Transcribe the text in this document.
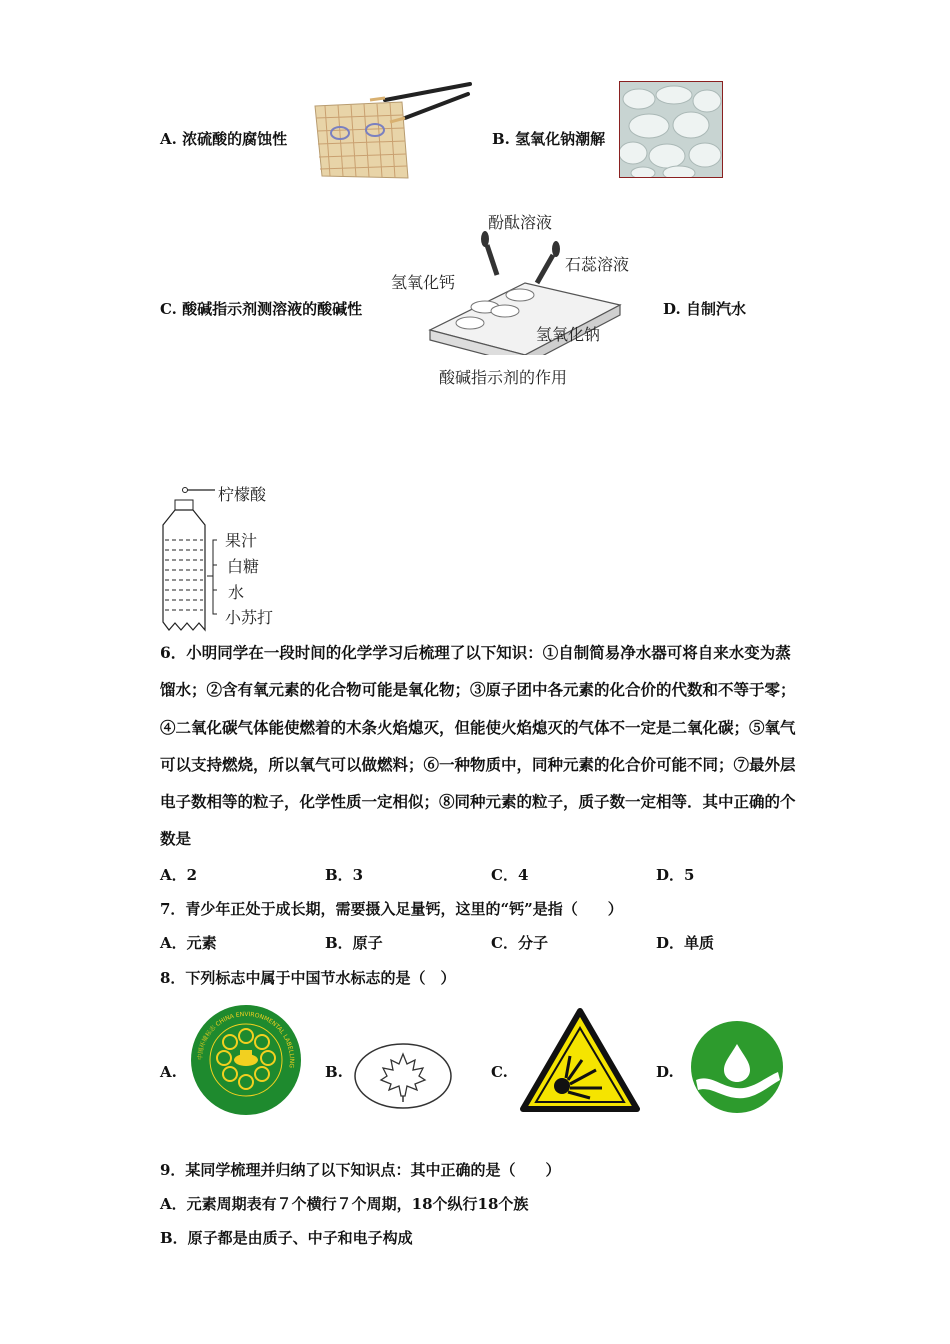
A. 浓硫酸的腐蚀性	B. 氢氧化钠潮解
C. 酸碱指示剂测溶液的酸碱性
酚酞溶液
石蕊溶液
氢氧化钙
氢氧化钠
酸碱指示剂的作用
D. 自制汽水
柠檬酸
果汁
白糖
水
小苏打
6．小明同学在一段时间的化学学习后梳理了以下知识：①自制简易净水器可将自来水变为蒸馏水；②含有氧元素的化合物可能是氧化物；③原子团中各元素的化合价的代数和不等于零；④二氧化碳气体能使燃着的木条火焰熄灭，但能使火焰熄灭的气体不一定是二氧化碳；⑤氧气可以支持燃烧，所以氧气可以做燃料；⑥一种物质中，同种元素的化合价可能不同；⑦最外层电子数相等的粒子，化学性质一定相似；⑧同种元素的粒子，质子数一定相等．其中正确的个数是
A．2	B．3	C．4	D．5
7．青少年正处于成长期，需要摄入足量钙，这里的“钙”是指（　　）
A．元素	B．原子	C．分子	D．单质
8．下列标志中属于中国节水标志的是（　）
A.
中国环境标志 CHINA ENVIRONMENTAL LABELLING B.	C.	D.
9．某同学梳理并归纳了以下知识点：其中正确的是（　　）
A．元素周期表有７个横行７个周期，18个纵行18个族
B．原子都是由质子、中子和电子构成
